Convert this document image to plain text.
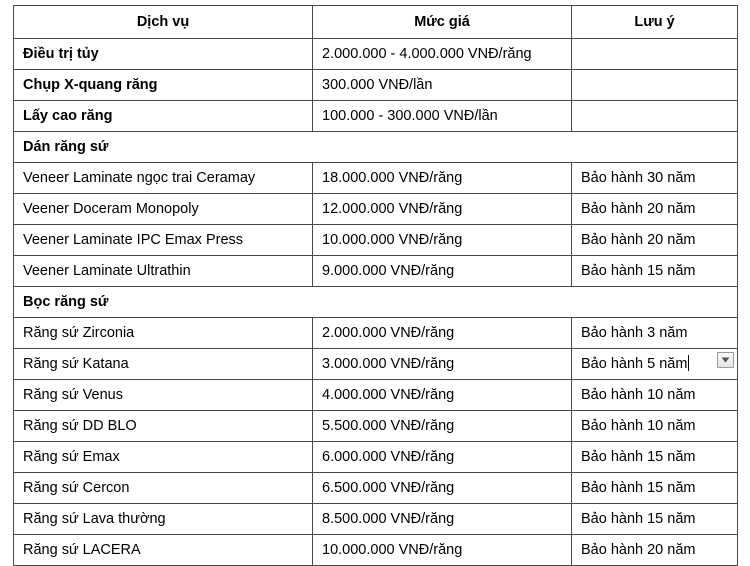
Dịch vụ	Mức giá	Lưu ý
Điều trị tủy	2.000.000 - 4.000.000 VNĐ/răng	
Chụp X-quang răng	300.000 VNĐ/lần	
Lấy cao răng	100.000 - 300.000 VNĐ/lần	
Dán răng sứ		
Veneer Laminate ngọc trai Ceramay	18.000.000 VNĐ/răng	Bảo hành 30 năm
Veener Doceram Monopoly	12.000.000 VNĐ/răng	Bảo hành 20 năm
Veener Laminate IPC Emax Press	10.000.000 VNĐ/răng	Bảo hành 20 năm
Veener Laminate Ultrathin	9.000.000 VNĐ/răng	Bảo hành 15 năm
Bọc răng sứ		
Răng sứ Zirconia	2.000.000 VNĐ/răng	Bảo hành 3 năm
Răng sứ Katana	3.000.000 VNĐ/răng	Bảo hành 5 năm

Răng sứ Venus	4.000.000 VNĐ/răng	Bảo hành 10 năm
Răng sứ DD BLO	5.500.000 VNĐ/răng	Bảo hành 10 năm
Răng sứ Emax	6.000.000 VNĐ/răng	Bảo hành 15 năm
Răng sứ Cercon	6.500.000 VNĐ/răng	Bảo hành 15 năm
Răng sứ Lava thường	8.500.000 VNĐ/răng	Bảo hành 15 năm
Răng sứ LACERA	10.000.000 VNĐ/răng	Bảo hành 20 năm
